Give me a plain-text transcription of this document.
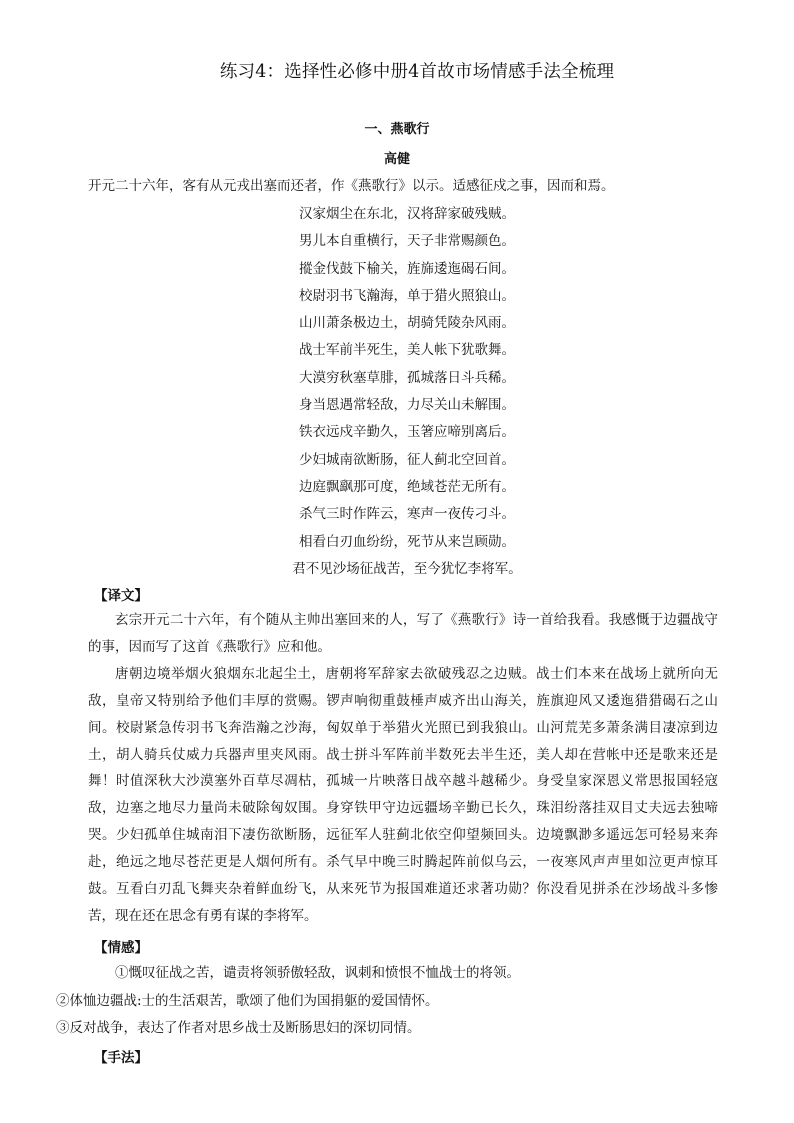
练习4：选择性必修中册4首故市场情感手法全梳理
一、燕歌行
高健
开元二十六年，客有从元戎出塞而还者，作《燕歌行》以示。适感征戍之事，因而和焉。
汉家烟尘在东北，汉将辞家破残贼。
男儿本自重横行，天子非常赐颜色。
摐金伐鼓下榆关，旌旆逶迤碣石间。
校尉羽书飞瀚海，单于猎火照狼山。
山川萧条极边土，胡骑凭陵杂风雨。
战士军前半死生，美人帐下犹歌舞。
大漠穷秋塞草腓，孤城落日斗兵稀。
身当恩遇常轻敌，力尽关山未解围。
铁衣远戍辛勤久，玉箸应啼别离后。
少妇城南欲断肠，征人蓟北空回首。
边庭飘飖那可度，绝域苍茫无所有。
杀气三时作阵云，寒声一夜传刁斗。
相看白刃血纷纷，死节从来岂顾勋。
君不见沙场征战苦，至今犹忆李将军。
【译文】

玄宗开元二十六年，有个随从主帅出塞回来的人，写了《燕歌行》诗一首给我看。我感慨于边疆战守的事，因而写了这首《燕歌行》应和他。

唐朝边境举烟火狼烟东北起尘土，唐朝将军辞家去欲破残忍之边贼。战士们本来在战场上就所向无敌，皇帝又特别给予他们丰厚的赏赐。锣声响彻重鼓棰声威齐出山海关，旌旗迎风又逶迤猎猎碣石之山间。校尉紧急传羽书飞奔浩瀚之沙海，匈奴单于举猎火光照已到我狼山。山河荒芜多萧条满目凄凉到边土，胡人骑兵仗威力兵器声里夹风雨。战士拼斗军阵前半数死去半生还，美人却在营帐中还是歌来还是舞！时值深秋大沙漠塞外百草尽凋枯，孤城一片映落日战卒越斗越稀少。身受皇家深恩义常思报国轻寇敌，边塞之地尽力量尚未破除匈奴围。身穿铁甲守边远疆场辛勤已长久，珠泪纷落挂双目丈夫远去独啼哭。少妇孤单住城南泪下凄伤欲断肠，远征军人驻蓟北依空仰望频回头。边境飘渺多遥远怎可轻易来奔赴，绝远之地尽苍茫更是人烟何所有。杀气早中晚三时腾起阵前似乌云，一夜寒风声声里如泣更声惊耳鼓。互看白刃乱飞舞夹杂着鲜血纷飞，从来死节为报国难道还求著功勋？你没看见拼杀在沙场战斗多惨苦，现在还在思念有勇有谋的李将军。

【情感】

①慨叹征战之苦，谴责将领骄傲轻敌，讽刺和愤恨不恤战士的将领。

②体恤边疆战:士的生活艰苦，歌颂了他们为国捐躯的爱国情怀。

③反对战争，表达了作者对思乡战士及断肠思妇的深切同情。

【手法】
